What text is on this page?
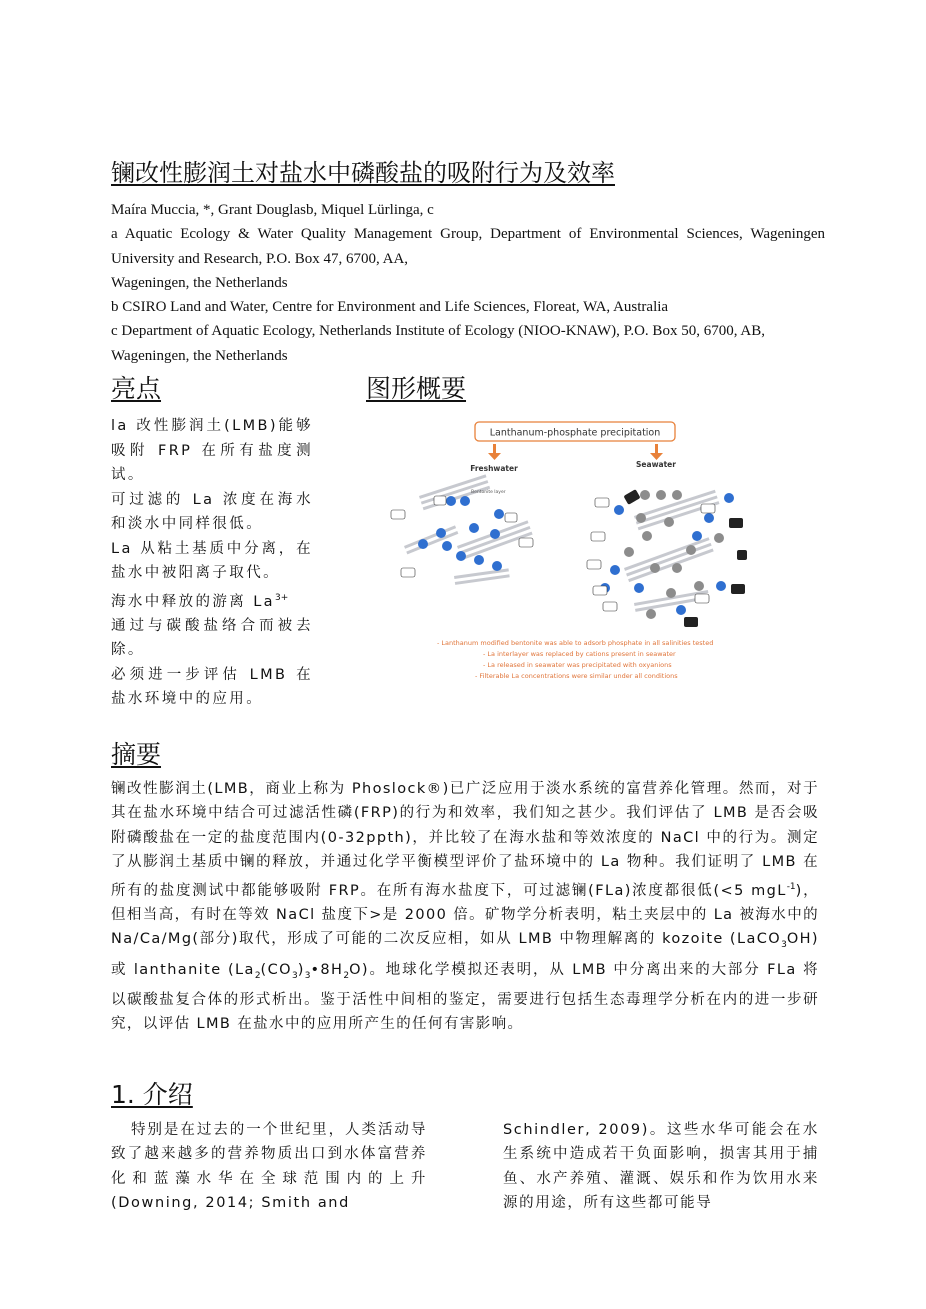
镧改性膨润土对盐水中磷酸盐的吸附行为及效率

Maíra Muccia, *, Grant Douglasb, Miquel Lürlinga, c

a Aquatic Ecology & Water Quality Management Group, Department of Environmental Sciences, Wageningen University and Research, P.O. Box 47, 6700, AA,

Wageningen, the Netherlands

b CSIRO Land and Water, Centre for Environment and Life Sciences, Floreat, WA, Australia

c Department of Aquatic Ecology, Netherlands Institute of Ecology (NIOO-KNAW), P.O. Box 50, 6700, AB, Wageningen, the Netherlands

亮点	图形概要

la 改性膨润土(LMB)能够吸附 FRP 在所有盐度测试。

可过滤的 La 浓度在海水和淡水中同样很低。

La 从粘土基质中分离，在盐水中被阳离子取代。

海水中释放的游离 $La^{3+}$

通过与碳酸盐络合而被去除。

必须进一步评估 LMB 在盐水环境中的应用。

Lanthanum-phosphate precipitation
Freshwater	Seawater
Bentonite layer
- Lanthanum modified bentonite was able to adsorb phosphate in all salinities tested
- La interlayer was replaced by cations present in seawater
- La released in seawater was precipitated with oxyanions
- Filterable La concentrations were similar under all conditions
摘要

镧改性膨润土(LMB，商业上称为 Phoslock®)已广泛应用于淡水系统的富营养化管理。然而，对于其在盐水环境中结合可过滤活性磷(FRP)的行为和效率，我们知之甚少。我们评估了 LMB 是否会吸附磷酸盐在一定的盐度范围内(0-32ppth)，并比较了在海水盐和等效浓度的 NaCl 中的行为。测定了从膨润土基质中镧的释放，并通过化学平衡模型评价了盐环境中的 La 物种。我们证明了 LMB 在所有的盐度测试中都能够吸附 FRP。在所有海水盐度下，可过滤镧(FLa)浓度都很低(<5 mgL$^{-1}$)，但相当高，有时在等效 NaCl 盐度下>是 2000 倍。矿物学分析表明，粘土夹层中的 La 被海水中的 Na/Ca/Mg(部分)取代，形成了可能的二次反应相，如从 LMB 中物理解离的 kozoite (LaCO$_3$OH)或 lanthanite $(La_2(CO_3)_3•8H_2O)$。地球化学模拟还表明，从 LMB 中分离出来的大部分 FLa 将以碳酸盐复合体的形式析出。鉴于活性中间相的鉴定，需要进行包括生态毒理学分析在内的进一步研究，以评估 LMB 在盐水中的应用所产生的任何有害影响。

1. 介绍

特别是在过去的一个世纪里，人类活动导致了越来越多的营养物质出口到水体富营养化和蓝藻水华在全球范围内的上升 (Downing, 2014; Smith and

Schindler, 2009)。这些水华可能会在水生系统中造成若干负面影响，损害其用于捕鱼、水产养殖、灌溉、娱乐和作为饮用水来源的用途，所有这些都可能导
